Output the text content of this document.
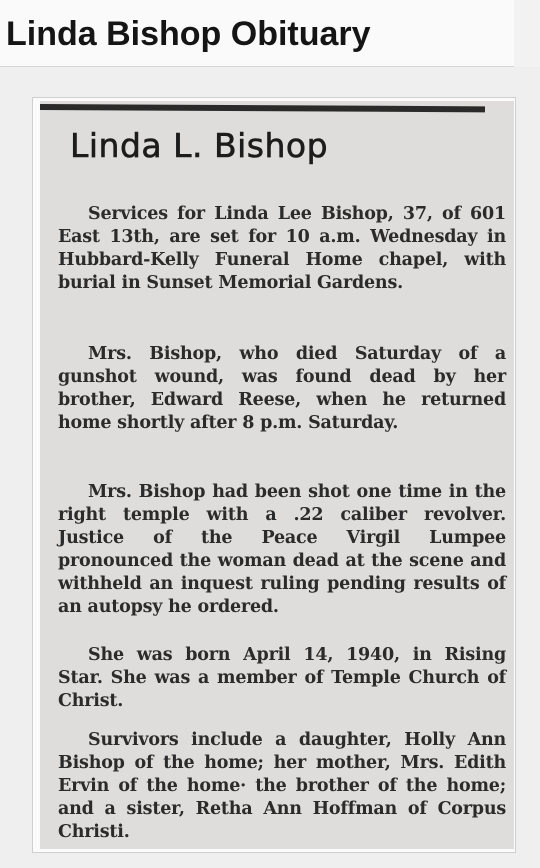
Linda Bishop Obituary
Linda L. Bishop

Services for Linda Lee Bishop, 37, of 601 East 13th, are set for 10 a.m. Wednesday in Hubbard-Kelly Funeral Home chapel, with burial in Sunset Memorial Gardens.

Mrs. Bishop, who died Saturday of a gunshot wound, was found dead by her brother, Edward Reese, when he returned home shortly after 8 p.m. Saturday.

Mrs. Bishop had been shot one time in the right temple with a .22 caliber revolver. Justice of the Peace Virgil Lumpee pronounced the woman dead at the scene and withheld an inquest ruling pending results of an autopsy he ordered.

She was born April 14, 1940, in Rising Star. She was a member of Temple Church of Christ.

Survivors include a daughter, Holly Ann Bishop of the home; her mother, Mrs. Edith Ervin of the home· the brother of the home; and a sister, Retha Ann Hoffman of Corpus Christi.
